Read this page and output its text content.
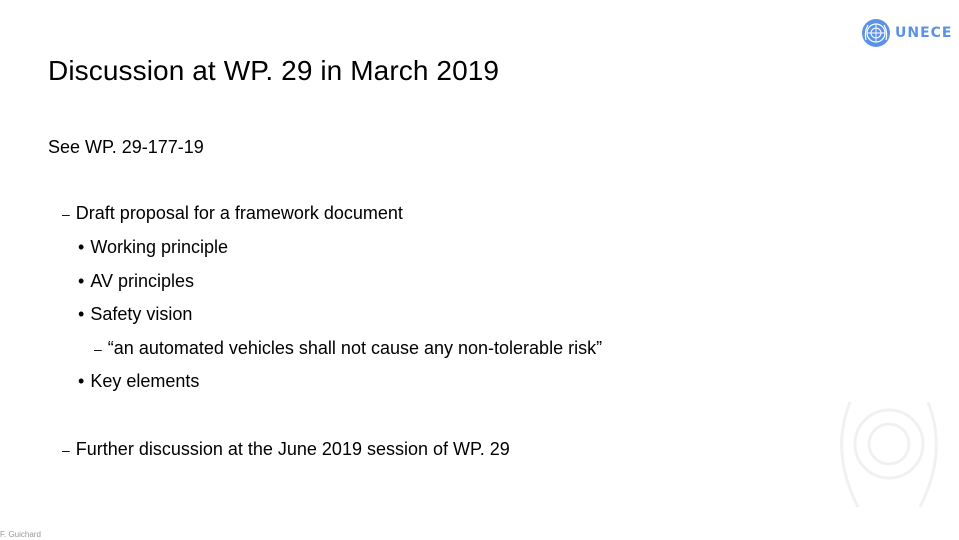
UNECE
Discussion at WP. 29 in March 2019
See WP. 29-177-19
– Draft proposal for a framework document
• Working principle
• AV principles
• Safety vision
– “an automated vehicles shall not cause any non-tolerable risk”
• Key elements
– Further discussion at the June 2019 session of WP. 29
F. Guichard
